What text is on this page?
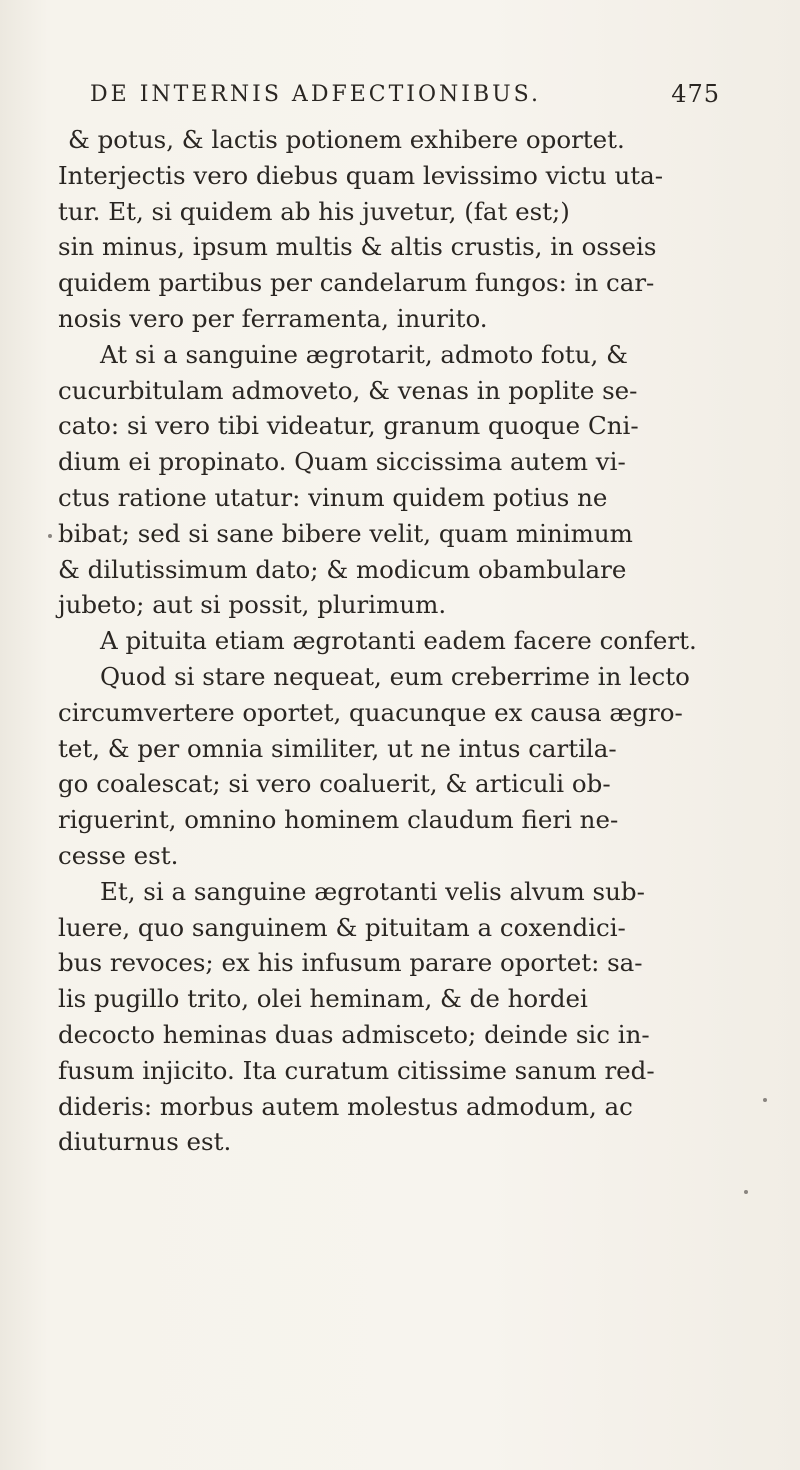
DE INTERNIS ADFECTIONIBUS.	475
& potus, & lactis potionem exhibere oportet.
Interjectis vero diebus quam levissimo victu uta-
tur. Et, si quidem ab his juvetur, (fat est;)
sin minus, ipsum multis & altis crustis, in osseis
quidem partibus per candelarum fungos: in car-
nosis vero per ferramenta, inurito.
At si a sanguine ægrotarit, admoto fotu, &
cucurbitulam admoveto, & venas in poplite se-
cato: si vero tibi videatur, granum quoque Cni-
dium ei propinato. Quam siccissima autem vi-
ctus ratione utatur: vinum quidem potius ne
bibat; sed si sane bibere velit, quam minimum
& dilutissimum dato; & modicum obambulare
jubeto; aut si possit, plurimum.
A pituita etiam ægrotanti eadem facere confert.
Quod si stare nequeat, eum creberrime in lecto
circumvertere oportet, quacunque ex causa ægro-
tet, & per omnia similiter, ut ne intus cartila-
go coalescat; si vero coaluerit, & articuli ob-
riguerint, omnino hominem claudum fieri ne-
cesse est.
Et, si a sanguine ægrotanti velis alvum sub-
luere, quo sanguinem & pituitam a coxendici-
bus revoces; ex his infusum parare oportet: sa-
lis pugillo trito, olei heminam, & de hordei
decocto heminas duas admisceto; deinde sic in-
fusum injicito. Ita curatum citissime sanum red-
dideris: morbus autem molestus admodum, ac
diuturnus est.
